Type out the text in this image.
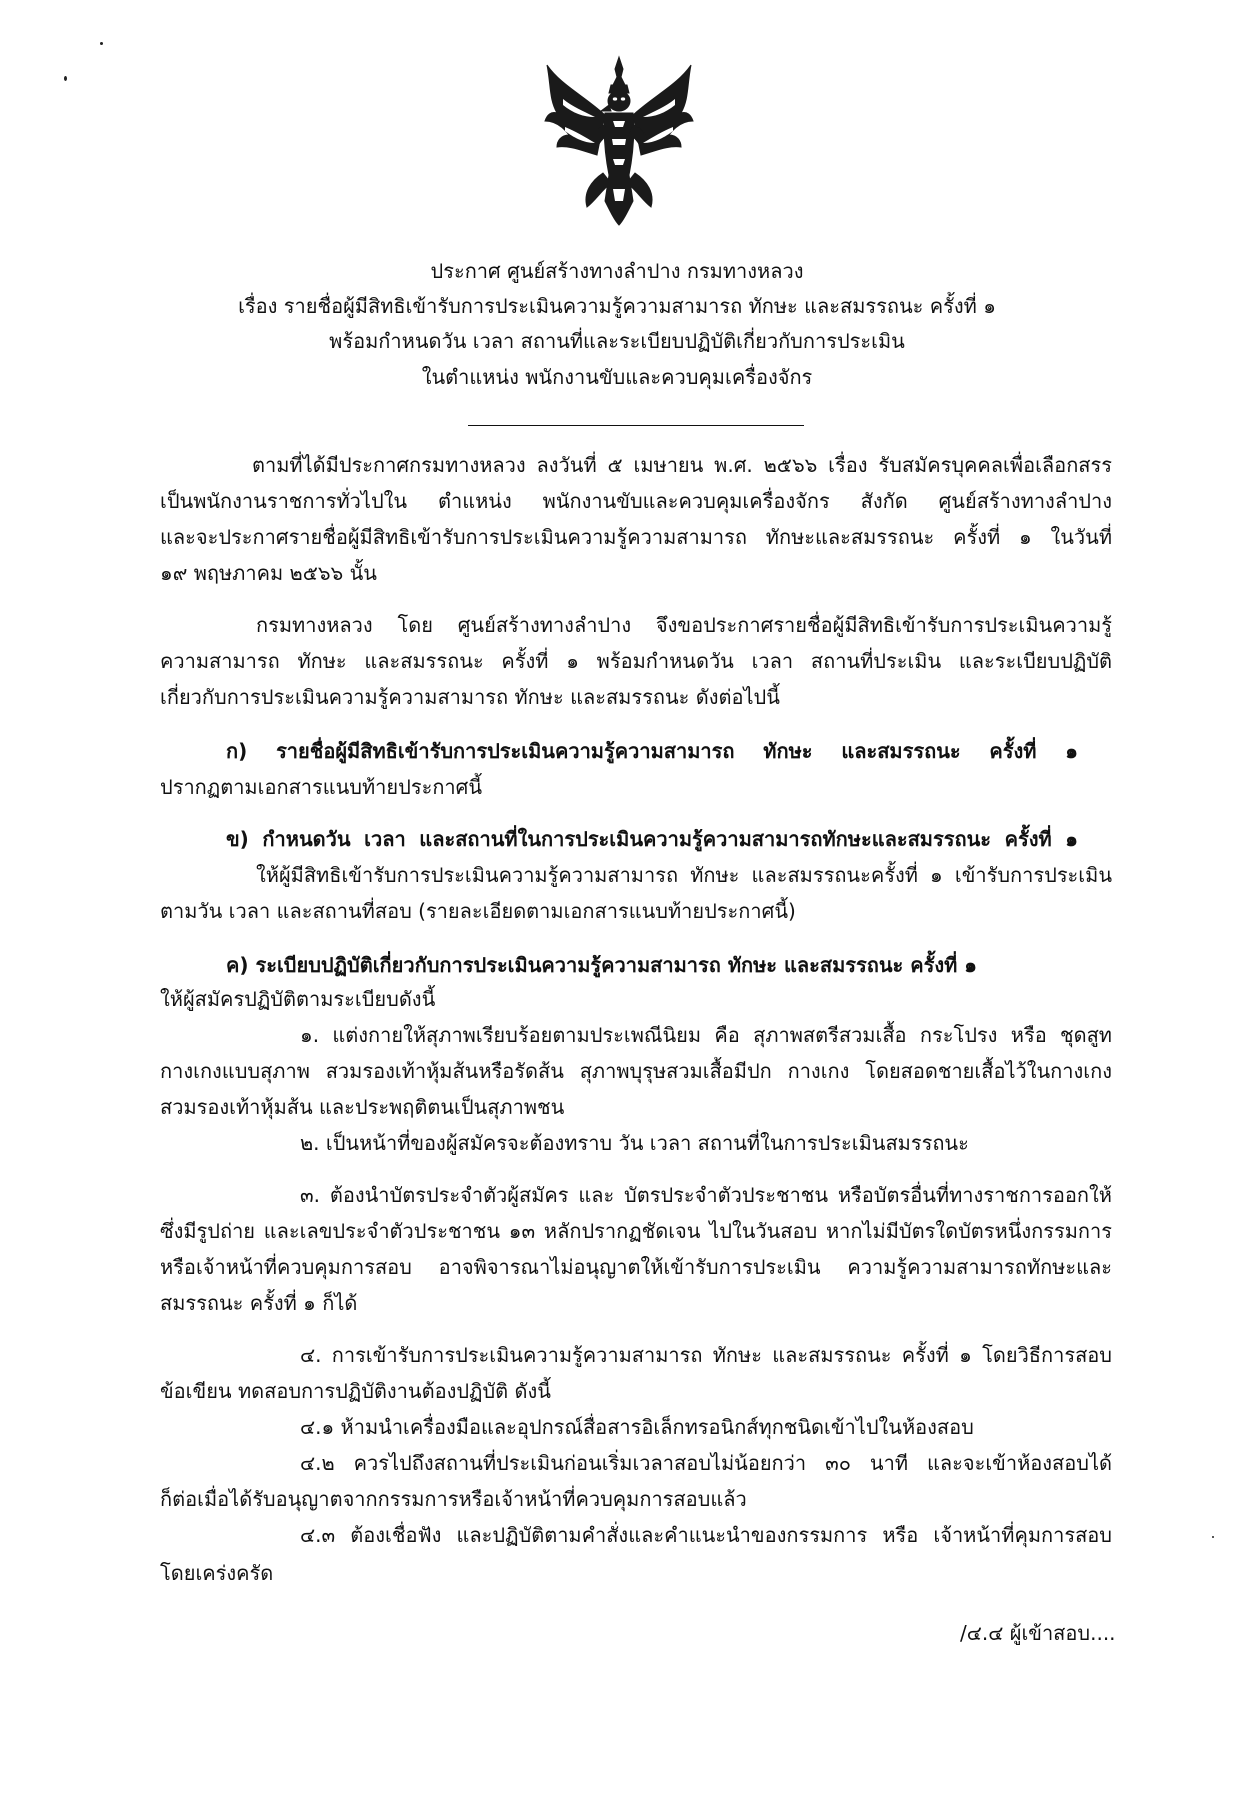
ประกาศ ศูนย์สร้างทางลำปาง กรมทางหลวง
เรื่อง รายชื่อผู้มีสิทธิเข้ารับการประเมินความรู้ความสามารถ ทักษะ และสมรรถนะ ครั้งที่ ๑
พร้อมกำหนดวัน เวลา สถานที่และระเบียบปฏิบัติเกี่ยวกับการประเมิน
ในตำแหน่ง พนักงานขับและควบคุมเครื่องจักร
ตามที่ได้มีประกาศกรมทางหลวง ลงวันที่ ๕ เมษายน พ.ศ. ๒๕๖๖ เรื่อง รับสมัครบุคคลเพื่อเลือกสรร
เป็นพนักงานราชการทั่วไปใน ตำแหน่ง พนักงานขับและควบคุมเครื่องจักร สังกัด ศูนย์สร้างทางลำปาง
และจะประกาศรายชื่อผู้มีสิทธิเข้ารับการประเมินความรู้ความสามารถ ทักษะและสมรรถนะ ครั้งที่ ๑ ในวันที่
๑๙ พฤษภาคม ๒๕๖๖ นั้น
กรมทางหลวง โดย ศูนย์สร้างทางลำปาง จึงขอประกาศรายชื่อผู้มีสิทธิเข้ารับการประเมินความรู้
ความสามารถ ทักษะ และสมรรถนะ ครั้งที่ ๑ พร้อมกำหนดวัน เวลา สถานที่ประเมิน และระเบียบปฏิบัติ
เกี่ยวกับการประเมินความรู้ความสามารถ ทักษะ และสมรรถนะ ดังต่อไปนี้
ก) รายชื่อผู้มีสิทธิเข้ารับการประเมินความรู้ความสามารถ ทักษะ และสมรรถนะ ครั้งที่ ๑
ปรากฏตามเอกสารแนบท้ายประกาศนี้
ข) กำหนดวัน เวลา และสถานที่ในการประเมินความรู้ความสามารถทักษะและสมรรถนะ ครั้งที่ ๑
ให้ผู้มีสิทธิเข้ารับการประเมินความรู้ความสามารถ ทักษะ และสมรรถนะครั้งที่ ๑ เข้ารับการประเมิน
ตามวัน เวลา และสถานที่สอบ (รายละเอียดตามเอกสารแนบท้ายประกาศนี้)
ค) ระเบียบปฏิบัติเกี่ยวกับการประเมินความรู้ความสามารถ ทักษะ และสมรรถนะ ครั้งที่ ๑
ให้ผู้สมัครปฏิบัติตามระเบียบดังนี้
๑. แต่งกายให้สุภาพเรียบร้อยตามประเพณีนิยม คือ สุภาพสตรีสวมเสื้อ กระโปรง หรือ ชุดสูท
กางเกงแบบสุภาพ สวมรองเท้าหุ้มส้นหรือรัดส้น สุภาพบุรุษสวมเสื้อมีปก กางเกง โดยสอดชายเสื้อไว้ในกางเกง
สวมรองเท้าหุ้มส้น และประพฤติตนเป็นสุภาพชน
๒. เป็นหน้าที่ของผู้สมัครจะต้องทราบ วัน เวลา สถานที่ในการประเมินสมรรถนะ
๓. ต้องนำบัตรประจำตัวผู้สมัคร และ บัตรประจำตัวประชาชน หรือบัตรอื่นที่ทางราชการออกให้
ซึ่งมีรูปถ่าย และเลขประจำตัวประชาชน ๑๓ หลักปรากฏชัดเจน ไปในวันสอบ หากไม่มีบัตรใดบัตรหนึ่งกรรมการ
หรือเจ้าหน้าที่ควบคุมการสอบ อาจพิจารณาไม่อนุญาตให้เข้ารับการประเมิน ความรู้ความสามารถทักษะและ
สมรรถนะ ครั้งที่ ๑ ก็ได้
๔. การเข้ารับการประเมินความรู้ความสามารถ ทักษะ และสมรรถนะ ครั้งที่ ๑ โดยวิธีการสอบ
ข้อเขียน ทดสอบการปฏิบัติงานต้องปฏิบัติ ดังนี้
๔.๑ ห้ามนำเครื่องมือและอุปกรณ์สื่อสารอิเล็กทรอนิกส์ทุกชนิดเข้าไปในห้องสอบ
๔.๒ ควรไปถึงสถานที่ประเมินก่อนเริ่มเวลาสอบไม่น้อยกว่า ๓๐ นาที และจะเข้าห้องสอบได้
ก็ต่อเมื่อได้รับอนุญาตจากกรรมการหรือเจ้าหน้าที่ควบคุมการสอบแล้ว
๔.๓ ต้องเชื่อฟัง และปฏิบัติตามคำสั่งและคำแนะนำของกรรมการ หรือ เจ้าหน้าที่คุมการสอบ
โดยเคร่งครัด
/๔.๔ ผู้เข้าสอบ....
